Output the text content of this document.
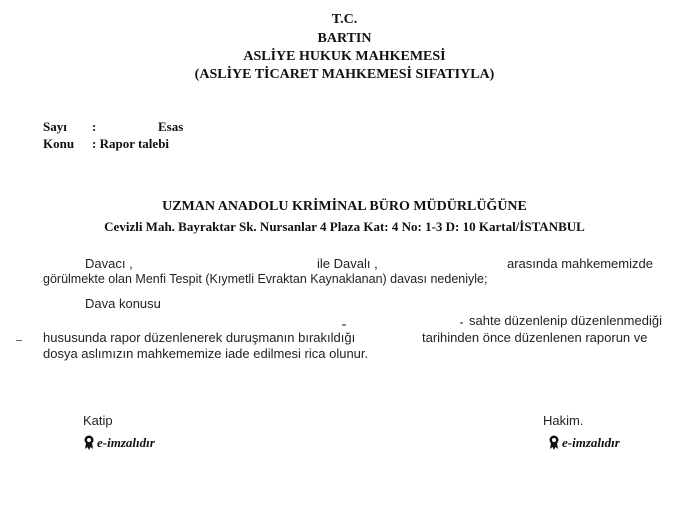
T.C.
BARTIN
ASLİYE HUKUK MAHKEMESİ
(ASLİYE TİCARET MAHKEMESİ SIFATIYLA)
Sayı :	Esas
Konu : Rapor talebi
UZMAN ANADOLU KRİMİNAL BÜRO MÜDÜRLÜĞÜNE
Cevizli Mah. Bayraktar Sk. Nursanlar 4 Plaza Kat: 4 No: 1-3 D: 10 Kartal/İSTANBUL
Davacı ,	ile Davalı ,	arasında mahkememizde
görülmekte olan Menfi Tespit (Kıymetli Evraktan Kaynaklanan) davası nedeniyle;
Dava konusu
sahte düzenlenip düzenlenmediği
hususunda rapor düzenlenerek duruşmanın bırakıldığı	tarihinden önce düzenlenen raporun ve
dosya aslımızın mahkememize iade edilmesi rica olunur.
Katip
e-imzalıdır
Hakim.
e-imzalıdır
